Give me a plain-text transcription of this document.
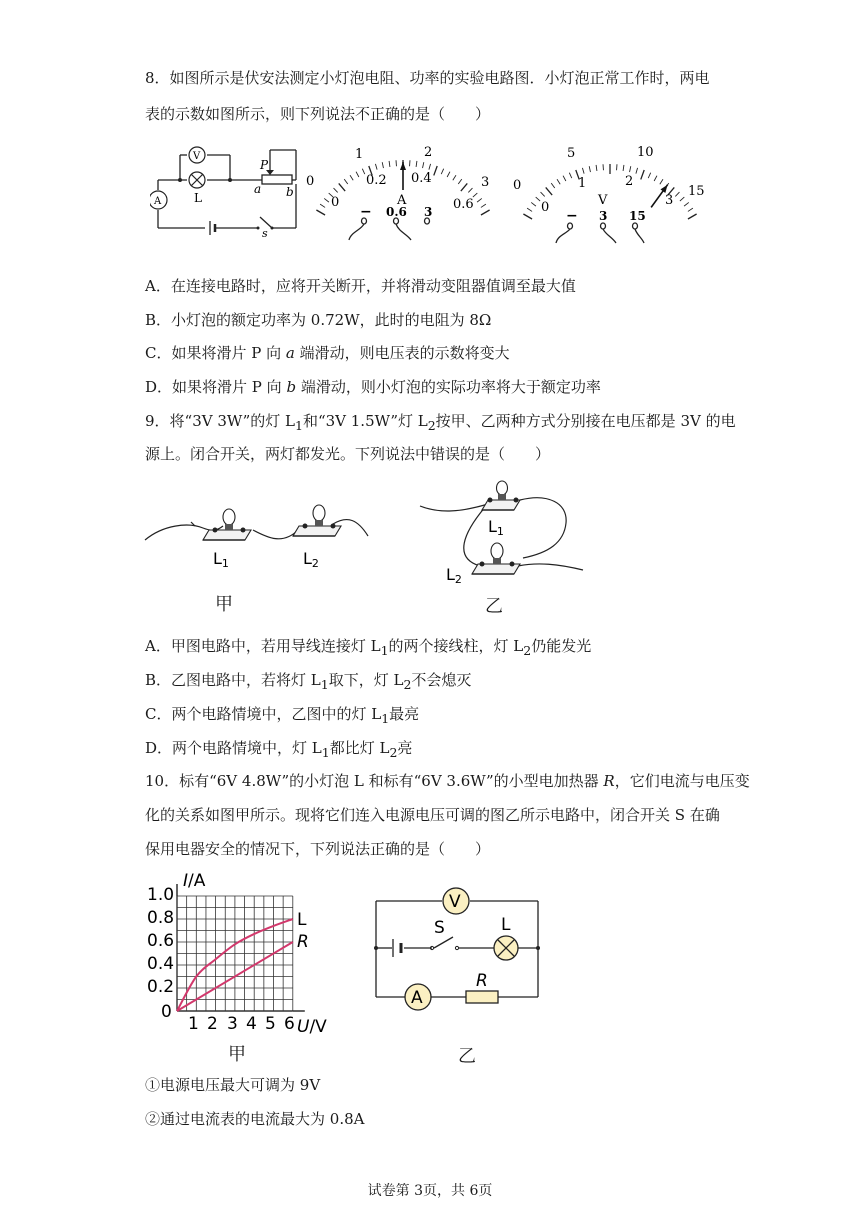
8．如图所示是伏安法测定小灯泡电阻、功率的实验电路图．小灯泡正常工作时，两电
表的示数如图所示，则下列说法不正确的是（　　）
V
L
A
P
a b
s
0
1	2
3
0
0.2 0.4
0.6
A
− 0.6 3
0
5	10
15
0
1	2
3
V
− 3 15
A．在连接电路时，应将开关断开，并将滑动变阻器值调至最大值
B．小灯泡的额定功率为 0.72W，此时的电阻为 8Ω
C．如果将滑片 P 向 a 端滑动，则电压表的示数将变大
D．如果将滑片 P 向 b 端滑动，则小灯泡的实际功率将大于额定功率
9．将“3V 3W”的灯 $L_1$和“3V 1.5W”灯 $L_2$按甲、乙两种方式分别接在电压都是 3V 的电
源上。闭合开关，两灯都发光。下列说法中错误的是（　　）
L1	L2
甲
L1
L2
乙
A．甲图电路中，若用导线连接灯 $L_1$的两个接线柱，灯 $L_2$仍能发光
B．乙图电路中，若将灯 $L_1$取下，灯 $L_2$不会熄灭
C．两个电路情境中，乙图中的灯 $L_1$最亮
D．两个电路情境中，灯 $L_1$都比灯 $L_2$亮
10．标有“6V 4.8W”的小灯泡 L 和标有“6V 3.6W”的小型电加热器 R，它们电流与电压变
化的关系如图甲所示。现将它们连入电源电压可调的图乙所示电路中，闭合开关 S 在确
保用电器安全的情况下，下列说法正确的是（　　）
I/A
U/V
1.0
0.8
0.6
0.4
0.2
0
1 2 3 4 5 6
L
R
甲
V
L
S
A
R
乙
①电源电压最大可调为 9V
②通过电流表的电流最大为 0.8A
试卷第 3页，共 6页
